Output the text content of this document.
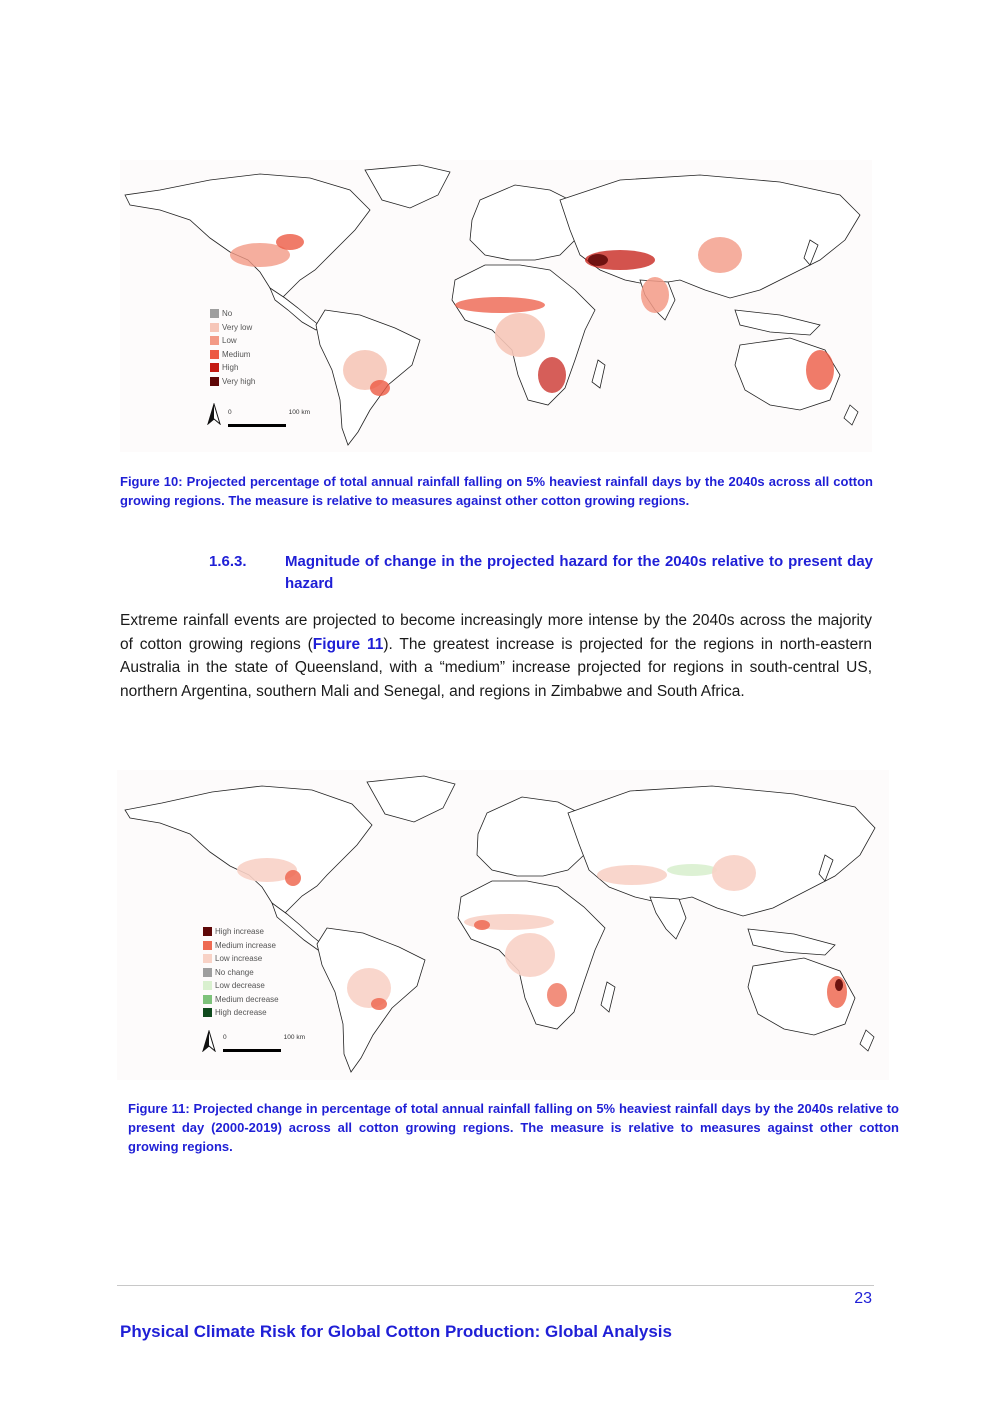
No
Very low
Low
Medium
High
Very high
0	100 km
Figure 10: Projected percentage of total annual rainfall falling on 5% heaviest rainfall days by the 2040s across all cotton growing regions. The measure is relative to measures against other cotton growing regions.
1.6.3.	Magnitude of change in the projected hazard for the 2040s relative to present day hazard
Extreme rainfall events are projected to become increasingly more intense by the 2040s across the majority of cotton growing regions (Figure 11). The greatest increase is projected for the regions in north-eastern Australia in the state of Queensland, with a “medium” increase projected for regions in south-central US, northern Argentina, southern Mali and Senegal, and regions in Zimbabwe and South Africa.
High increase
Medium increase
Low increase
No change
Low decrease
Medium decrease
High decrease
0	100 km
Figure 11: Projected change in percentage of total annual rainfall falling on 5% heaviest rainfall days by the 2040s relative to present day (2000-2019) across all cotton growing regions. The measure is relative to measures against other cotton growing regions.
23
Physical Climate Risk for Global Cotton Production: Global Analysis
